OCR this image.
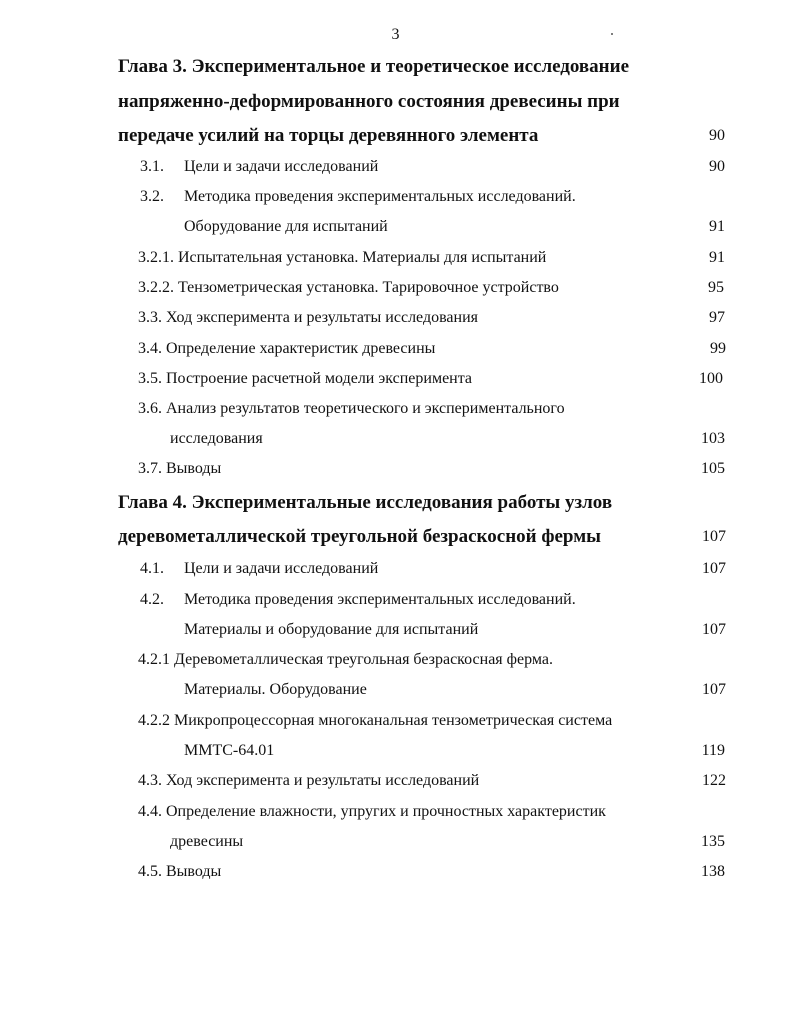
3
Глава 3. Экспериментальное и теоретическое исследование
напряженно-деформированного состояния древесины при
передаче усилий на торцы деревянного элемента	90
3.1. Цели и задачи исследований	90
3.2. Методика проведения экспериментальных исследований.
Оборудование для испытаний	91
3.2.1. Испытательная установка. Материалы для испытаний	91
3.2.2. Тензометрическая установка. Тарировочное устройство	95
3.3. Ход эксперимента и результаты исследования	97
3.4. Определение характеристик древесины	99
3.5. Построение расчетной модели эксперимента	100
3.6. Анализ результатов теоретического и экспериментального
исследования	103
3.7. Выводы	105
Глава 4. Экспериментальные исследования работы узлов
деревометаллической треугольной безраскосной фермы	107
4.1. Цели и задачи исследований	107
4.2. Методика проведения экспериментальных исследований.
Материалы и оборудование для испытаний	107
4.2.1 Деревометаллическая треугольная безраскосная ферма.
Материалы. Оборудование	107
4.2.2 Микропроцессорная многоканальная тензометрическая система
ММТС-64.01	119
4.3. Ход эксперимента и результаты исследований	122
4.4. Определение влажности, упругих и прочностных характеристик
древесины	135
4.5. Выводы	138
